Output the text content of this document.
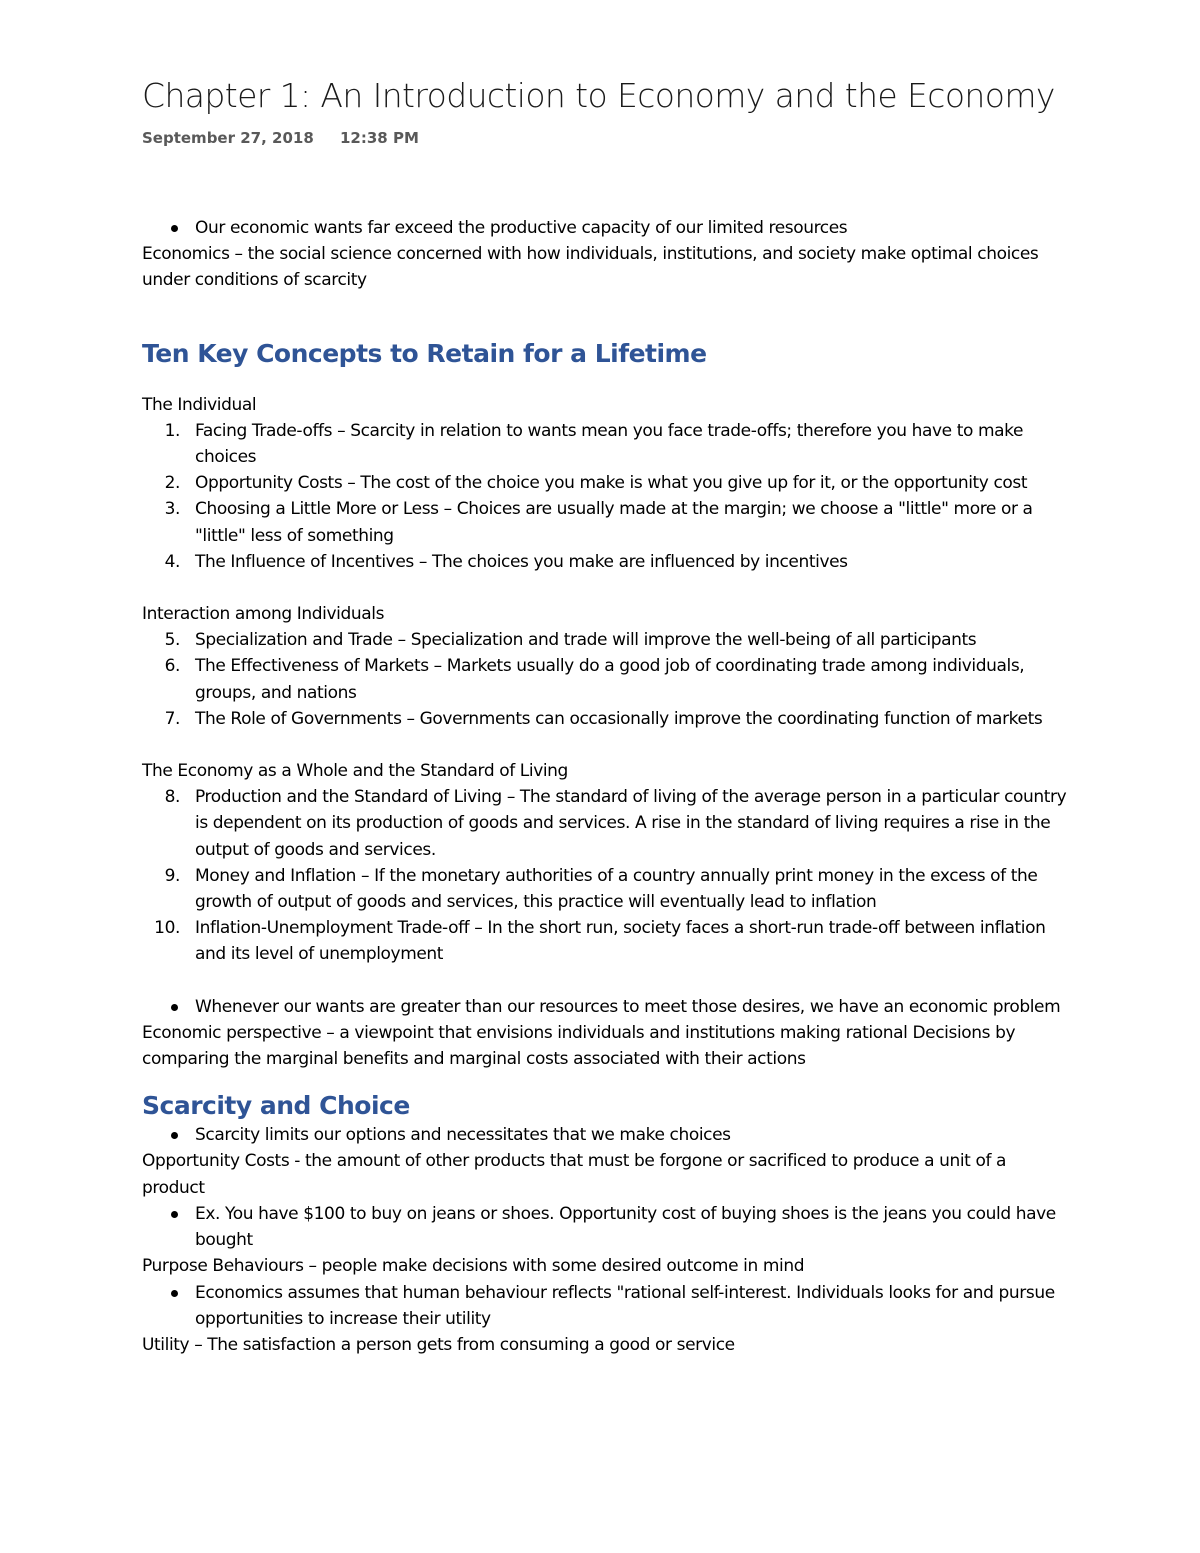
Chapter 1: An Introduction to Economy and the Economy
September 27, 2018 12:38 PM

Our economic wants far exceed the productive capacity of our limited resources

Economics – the social science concerned with how individuals, institutions, and society make optimal choices under conditions of scarcity

Ten Key Concepts to Retain for a Lifetime

The Individual

1. Facing Trade-offs – Scarcity in relation to wants mean you face trade-offs; therefore you have to make choices

2. Opportunity Costs – The cost of the choice you make is what you give up for it, or the opportunity cost

3. Choosing a Little More or Less – Choices are usually made at the margin; we choose a "little" more or a "little" less of something

4. The Influence of Incentives – The choices you make are influenced by incentives

Interaction among Individuals

5. Specialization and Trade – Specialization and trade will improve the well-being of all participants

6. The Effectiveness of Markets – Markets usually do a good job of coordinating trade among individuals, groups, and nations

7. The Role of Governments – Governments can occasionally improve the coordinating function of markets

The Economy as a Whole and the Standard of Living

8. Production and the Standard of Living – The standard of living of the average person in a particular country is dependent on its production of goods and services. A rise in the standard of living requires a rise in the output of goods and services.

9. Money and Inflation – If the monetary authorities of a country annually print money in the excess of the growth of output of goods and services, this practice will eventually lead to inflation

10. Inflation-Unemployment Trade-off – In the short run, society faces a short-run trade-off between inflation and its level of unemployment

Whenever our wants are greater than our resources to meet those desires, we have an economic problem

Economic perspective – a viewpoint that envisions individuals and institutions making rational Decisions by comparing the marginal benefits and marginal costs associated with their actions

Scarcity and Choice

Scarcity limits our options and necessitates that we make choices

Opportunity Costs - the amount of other products that must be forgone or sacrificed to produce a unit of a product

Ex. You have $100 to buy on jeans or shoes. Opportunity cost of buying shoes is the jeans you could have bought

Purpose Behaviours – people make decisions with some desired outcome in mind

Economics assumes that human behaviour reflects "rational self-interest. Individuals looks for and pursue opportunities to increase their utility

Utility – The satisfaction a person gets from consuming a good or service
